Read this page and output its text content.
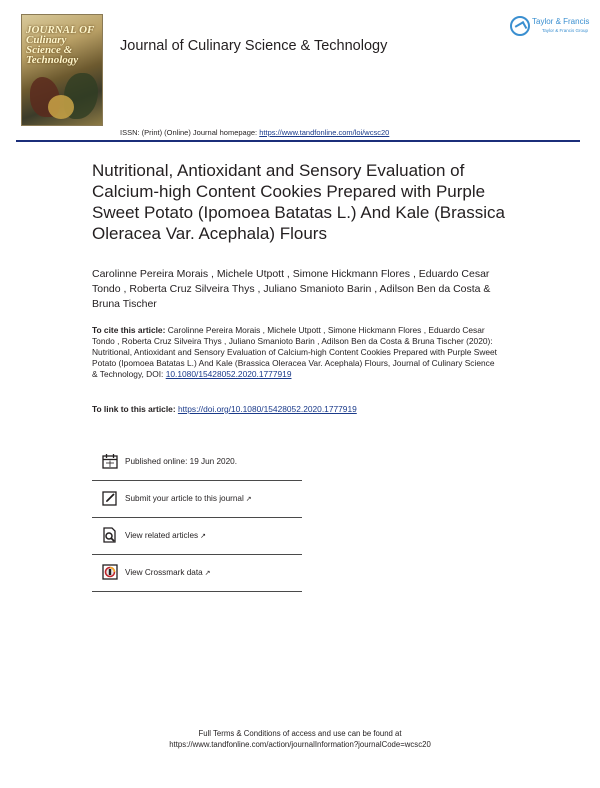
JOURNAL OF Culinary Science & Technology
Journal of Culinary Science & Technology
Taylor & Francis
Taylor & Francis Group
ISSN: (Print) (Online) Journal homepage: https://www.tandfonline.com/loi/wcsc20
Nutritional, Antioxidant and Sensory Evaluation of Calcium-high Content Cookies Prepared with Purple Sweet Potato (Ipomoea Batatas L.) And Kale (Brassica Oleracea Var. Acephala) Flours
Carolinne Pereira Morais , Michele Utpott , Simone Hickmann Flores , Eduardo Cesar Tondo , Roberta Cruz Silveira Thys , Juliano Smanioto Barin , Adilson Ben da Costa & Bruna Tischer
To cite this article: Carolinne Pereira Morais , Michele Utpott , Simone Hickmann Flores , Eduardo Cesar Tondo , Roberta Cruz Silveira Thys , Juliano Smanioto Barin , Adilson Ben da Costa & Bruna Tischer (2020): Nutritional, Antioxidant and Sensory Evaluation of Calcium-high Content Cookies Prepared with Purple Sweet Potato (Ipomoea Batatas L.) And Kale (Brassica Oleracea Var. Acephala) Flours, Journal of Culinary Science & Technology, DOI: 10.1080/15428052.2020.1777919
To link to this article: https://doi.org/10.1080/15428052.2020.1777919
Published online: 19 Jun 2020.
Submit your article to this journal ↗
View related articles ↗
View Crossmark data ↗
Full Terms & Conditions of access and use can be found at
https://www.tandfonline.com/action/journalInformation?journalCode=wcsc20
